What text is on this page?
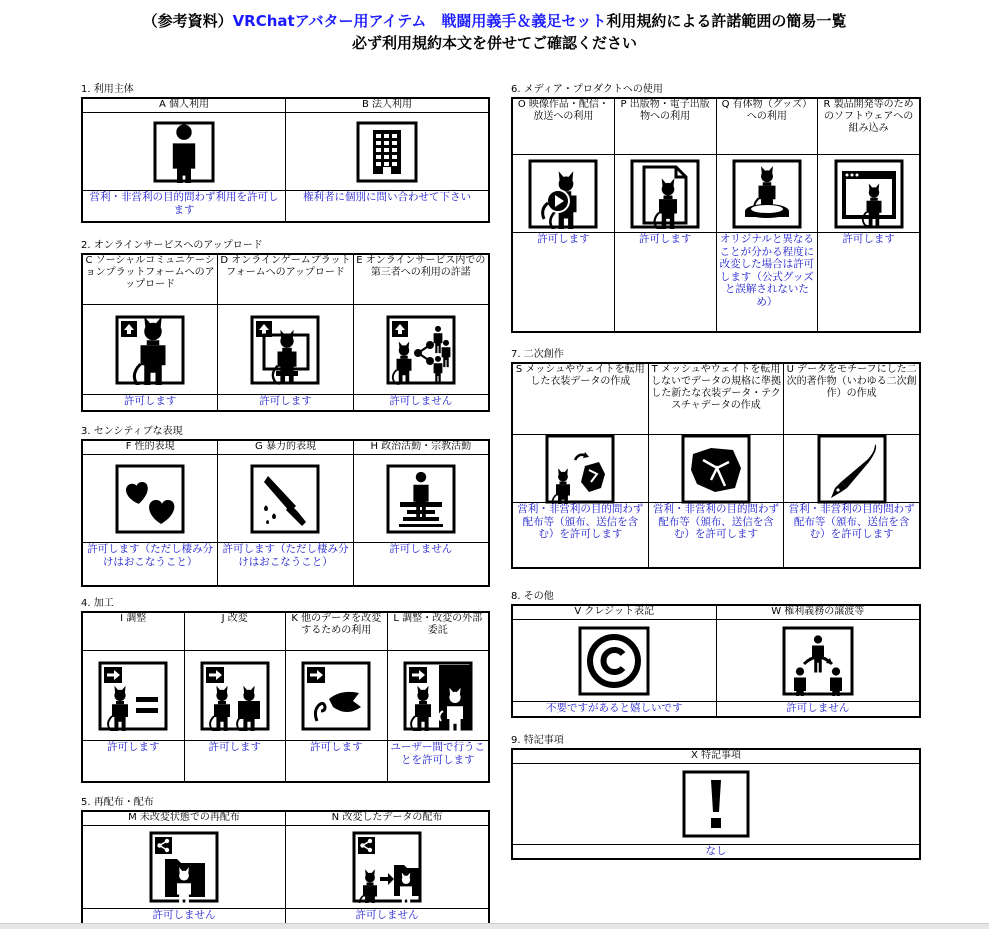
（参考資料）VRChatアバター用アイテム　戦闘用義手＆義足セット利用規約による許諾範囲の簡易一覧
必ず利用規約本文を併せてご確認ください
1. 利用主体
A 個人利用
営利・非営利の目的問わず利用を許可します
B 法人利用
権利者に個別に問い合わせて下さい
2. オンラインサービスへのアップロード
C ソーシャルコミュニケーションプラットフォームへのアップロード
許可します
D オンラインゲームプラットフォームへのアップロード
許可します
E オンラインサービス内での第三者への利用の許諾
許可しません
3. センシティブな表現
F 性的表現
許可します（ただし棲み分けはおこなうこと）
G 暴力的表現
許可します（ただし棲み分けはおこなうこと）
H 政治活動・宗教活動
許可しません
4. 加工
I 調整
許可します
J 改変
許可します
K 他のデータを改変するための利用
許可します
L 調整・改変の外部委託
ユーザー間で行うことを許可します
5. 再配布・配布
M 未改変状態での再配布
許可しません
N 改変したデータの配布
許可しません
6. メディア・プロダクトへの使用
O 映像作品・配信・放送への利用
許可します
P 出版物・電子出版物への利用
許可します
Q 有体物（グッズ）への利用
オリジナルと異なることが分かる程度に改変した場合は許可します（公式グッズと誤解されないため）
R 製品開発等のためのソフトウェアへの組み込み
許可します
7. 二次創作
S メッシュやウェイトを転用した衣装データの作成
営利・非営利の目的問わず配布等（頒布、送信を含む）を許可します
T メッシュやウェイトを転用しないでデータの規格に準拠した新たな衣装データ・テクスチャデータの作成
営利・非営利の目的問わず配布等（頒布、送信を含む）を許可します
U データをモチーフにした二次的著作物（いわゆる二次創作）の作成
営利・非営利の目的問わず配布等（頒布、送信を含む）を許可します
8. その他
V クレジット表記
不要ですがあると嬉しいです
W 権利義務の譲渡等
許可しません
9. 特記事項
X 特記事項
なし
